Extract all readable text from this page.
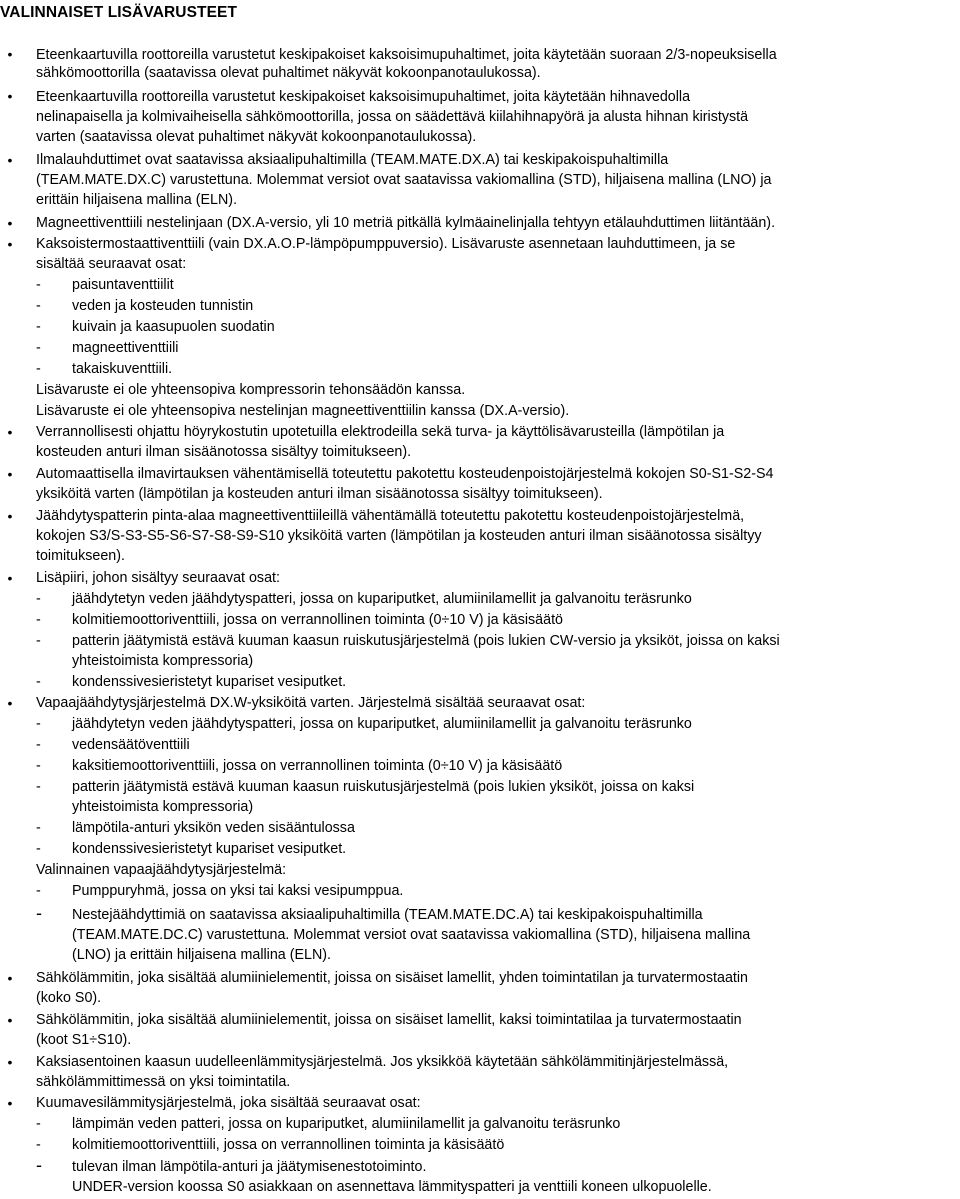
VALINNAISET LISÄVARUSTEET
•	Eteenkaartuvilla roottoreilla varustetut keskipakoiset kaksoisimupuhaltimet, joita käytetään suoraan 2/3-nopeuksisella
sähkömoottorilla (saatavissa olevat puhaltimet näkyvät kokoonpanotaulukossa).
•	Eteenkaartuvilla roottoreilla varustetut keskipakoiset kaksoisimupuhaltimet, joita käytetään hihnavedolla
nelinapaisella ja kolmivaiheisella sähkömoottorilla, jossa on säädettävä kiilahihnapyörä ja alusta hihnan kiristystä
varten (saatavissa olevat puhaltimet näkyvät kokoonpanotaulukossa).
•	Ilmalauhduttimet ovat saatavissa aksiaalipuhaltimilla (TEAM.MATE.DX.A) tai keskipakoispuhaltimilla
(TEAM.MATE.DX.C) varustettuna. Molemmat versiot ovat saatavissa vakiomallina (STD), hiljaisena mallina (LNO) ja
erittäin hiljaisena mallina (ELN).
•	Magneettiventtiili nestelinjaan (DX.A-versio, yli 10 metriä pitkällä kylmäainelinjalla tehtyyn etälauhduttimen liitäntään).
•	Kaksoistermostaattiventtiili (vain DX.A.O.P-lämpöpumppuversio). Lisävaruste asennetaan lauhduttimeen, ja se
sisältää seuraavat osat:
- paisuntaventtiilit
- veden ja kosteuden tunnistin
- kuivain ja kaasupuolen suodatin
- magneettiventtiili
- takaiskuventtiili.
Lisävaruste ei ole yhteensopiva kompressorin tehonsäädön kanssa.
Lisävaruste ei ole yhteensopiva nestelinjan magneettiventtiilin kanssa (DX.A-versio).
•	Verrannollisesti ohjattu höyrykostutin upotetuilla elektrodeilla sekä turva- ja käyttölisävarusteilla (lämpötilan ja
kosteuden anturi ilman sisäänotossa sisältyy toimitukseen).
•	Automaattisella ilmavirtauksen vähentämisellä toteutettu pakotettu kosteudenpoistojärjestelmä kokojen S0-S1-S2-S4
yksiköitä varten (lämpötilan ja kosteuden anturi ilman sisäänotossa sisältyy toimitukseen).
•	Jäähdytyspatterin pinta-alaa magneettiventtiileillä vähentämällä toteutettu pakotettu kosteudenpoistojärjestelmä,
kokojen S3/S-S3-S5-S6-S7-S8-S9-S10 yksiköitä varten (lämpötilan ja kosteuden anturi ilman sisäänotossa sisältyy
toimitukseen).
•	Lisäpiiri, johon sisältyy seuraavat osat:
- jäähdytetyn veden jäähdytyspatteri, jossa on kupariputket, alumiinilamellit ja galvanoitu teräsrunko
- kolmitiemoottoriventtiili, jossa on verrannollinen toiminta (0÷10 V) ja käsisäätö
- patterin jäätymistä estävä kuuman kaasun ruiskutusjärjestelmä (pois lukien CW-versio ja yksiköt, joissa on kaksi
yhteistoimista kompressoria)
- kondenssivesieristetyt kupariset vesiputket.
•	Vapaajäähdytysjärjestelmä DX.W-yksiköitä varten. Järjestelmä sisältää seuraavat osat:
- jäähdytetyn veden jäähdytyspatteri, jossa on kupariputket, alumiinilamellit ja galvanoitu teräsrunko
- vedensäätöventtiili
- kaksitiemoottoriventtiili, jossa on verrannollinen toiminta (0÷10 V) ja käsisäätö
- patterin jäätymistä estävä kuuman kaasun ruiskutusjärjestelmä (pois lukien yksiköt, joissa on kaksi
yhteistoimista kompressoria)
- lämpötila-anturi yksikön veden sisääntulossa
- kondenssivesieristetyt kupariset vesiputket.
Valinnainen vapaajäähdytysjärjestelmä:
- Pumppuryhmä, jossa on yksi tai kaksi vesipumppua.
- Nestejäähdyttimiä on saatavissa aksiaalipuhaltimilla (TEAM.MATE.DC.A) tai keskipakoispuhaltimilla
(TEAM.MATE.DC.C) varustettuna. Molemmat versiot ovat saatavissa vakiomallina (STD), hiljaisena mallina
(LNO) ja erittäin hiljaisena mallina (ELN).
•	Sähkölämmitin, joka sisältää alumiinielementit, joissa on sisäiset lamellit, yhden toimintatilan ja turvatermostaatin
(koko S0).
•	Sähkölämmitin, joka sisältää alumiinielementit, joissa on sisäiset lamellit, kaksi toimintatilaa ja turvatermostaatin
(koot S1÷S10).
•	Kaksiasentoinen kaasun uudelleenlämmitysjärjestelmä. Jos yksikköä käytetään sähkölämmitinjärjestelmässä,
sähkölämmittimessä on yksi toimintatila.
•	Kuumavesilämmitysjärjestelmä, joka sisältää seuraavat osat:
- lämpimän veden patteri, jossa on kupariputket, alumiinilamellit ja galvanoitu teräsrunko
- kolmitiemoottoriventtiili, jossa on verrannollinen toiminta ja käsisäätö
- tulevan ilman lämpötila-anturi ja jäätymisenestotoiminto.
UNDER-version koossa S0 asiakkaan on asennettava lämmityspatteri ja venttiili koneen ulkopuolelle.
